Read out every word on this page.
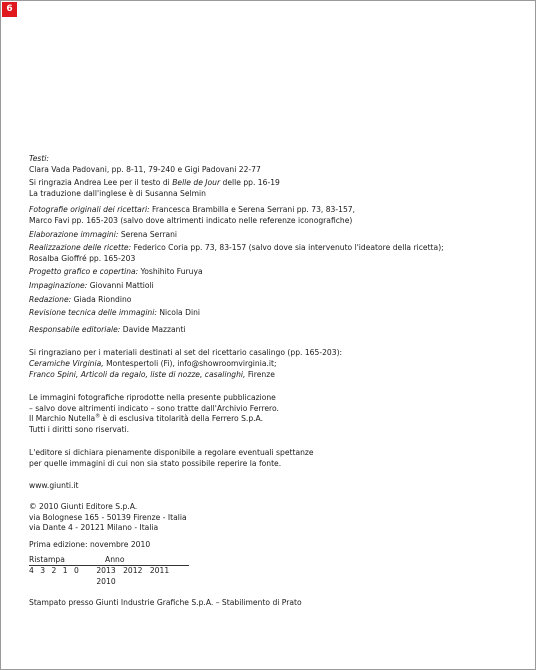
6

Testi:

Clara Vada Padovani, pp. 8-11, 79-240 e Gigi Padovani 22-77

Si ringrazia Andrea Lee per il testo di Belle de Jour delle pp. 16-19

La traduzione dall'inglese è di Susanna Selmin

Fotografie originali dei ricettari: Francesca Brambilla e Serena Serrani pp. 73, 83-157,

Marco Favi pp. 165-203 (salvo dove altrimenti indicato nelle referenze iconografiche)

Elaborazione immagini: Serena Serrani

Realizzazione delle ricette: Federico Coria pp. 73, 83-157 (salvo dove sia intervenuto l'ideatore della ricetta);

Rosalba Gioffré pp. 165-203

Progetto grafico e copertina: Yoshihito Furuya

Impaginazione: Giovanni Mattioli

Redazione: Giada Riondino

Revisione tecnica delle immagini: Nicola Dini

Responsabile editoriale: Davide Mazzanti

Si ringraziano per i materiali destinati al set del ricettario casalingo (pp. 165-203):

Ceramiche Virginia, Montespertoli (Fi), info@showroomvirginia.it;

Franco Spini, Articoli da regalo, liste di nozze, casalinghi, Firenze

Le immagini fotografiche riprodotte nella presente pubblicazione

– salvo dove altrimenti indicato – sono tratte dall'Archivio Ferrero.

Il Marchio Nutella® è di esclusiva titolarità della Ferrero S.p.A.

Tutti i diritti sono riservati.

L'editore si dichiara pienamente disponibile a regolare eventuali spettanze

per quelle immagini di cui non sia stato possibile reperire la fonte.

www.giunti.it

© 2010 Giunti Editore S.p.A.

via Bolognese 165 - 50139 Firenze - Italia

via Dante 4 - 20121 Milano - Italia

Prima edizione: novembre 2010

Ristampa	Anno
4 3 2 1 0	2013 2012 2011 2010

Stampato presso Giunti Industrie Grafiche S.p.A. – Stabilimento di Prato
